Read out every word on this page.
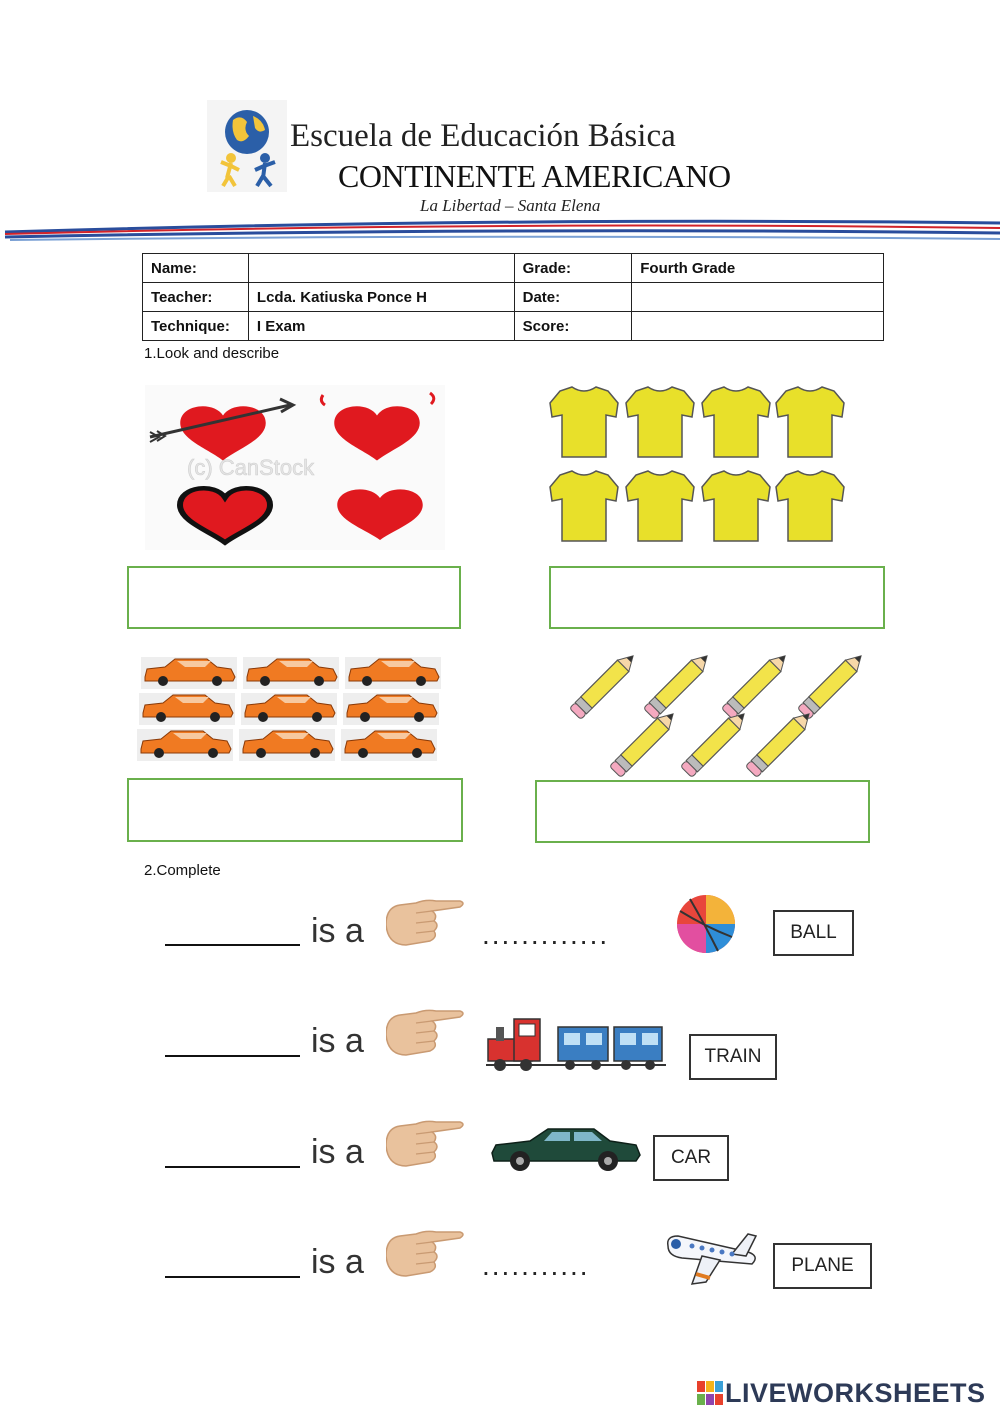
Escuela de Educación Básica
CONTINENTE AMERICANO
La Libertad – Santa Elena
Name:		Grade:	Fourth Grade
Teacher:	Lcda. Katiuska Ponce H	Date:	
Technique:	I Exam	Score:	
1.Look and describe
(c) CanStock
2.Complete
is a	.............	BALL
is a	TRAIN
is a	CAR
is a	...........	PLANE
LIVEWORKSHEETS
